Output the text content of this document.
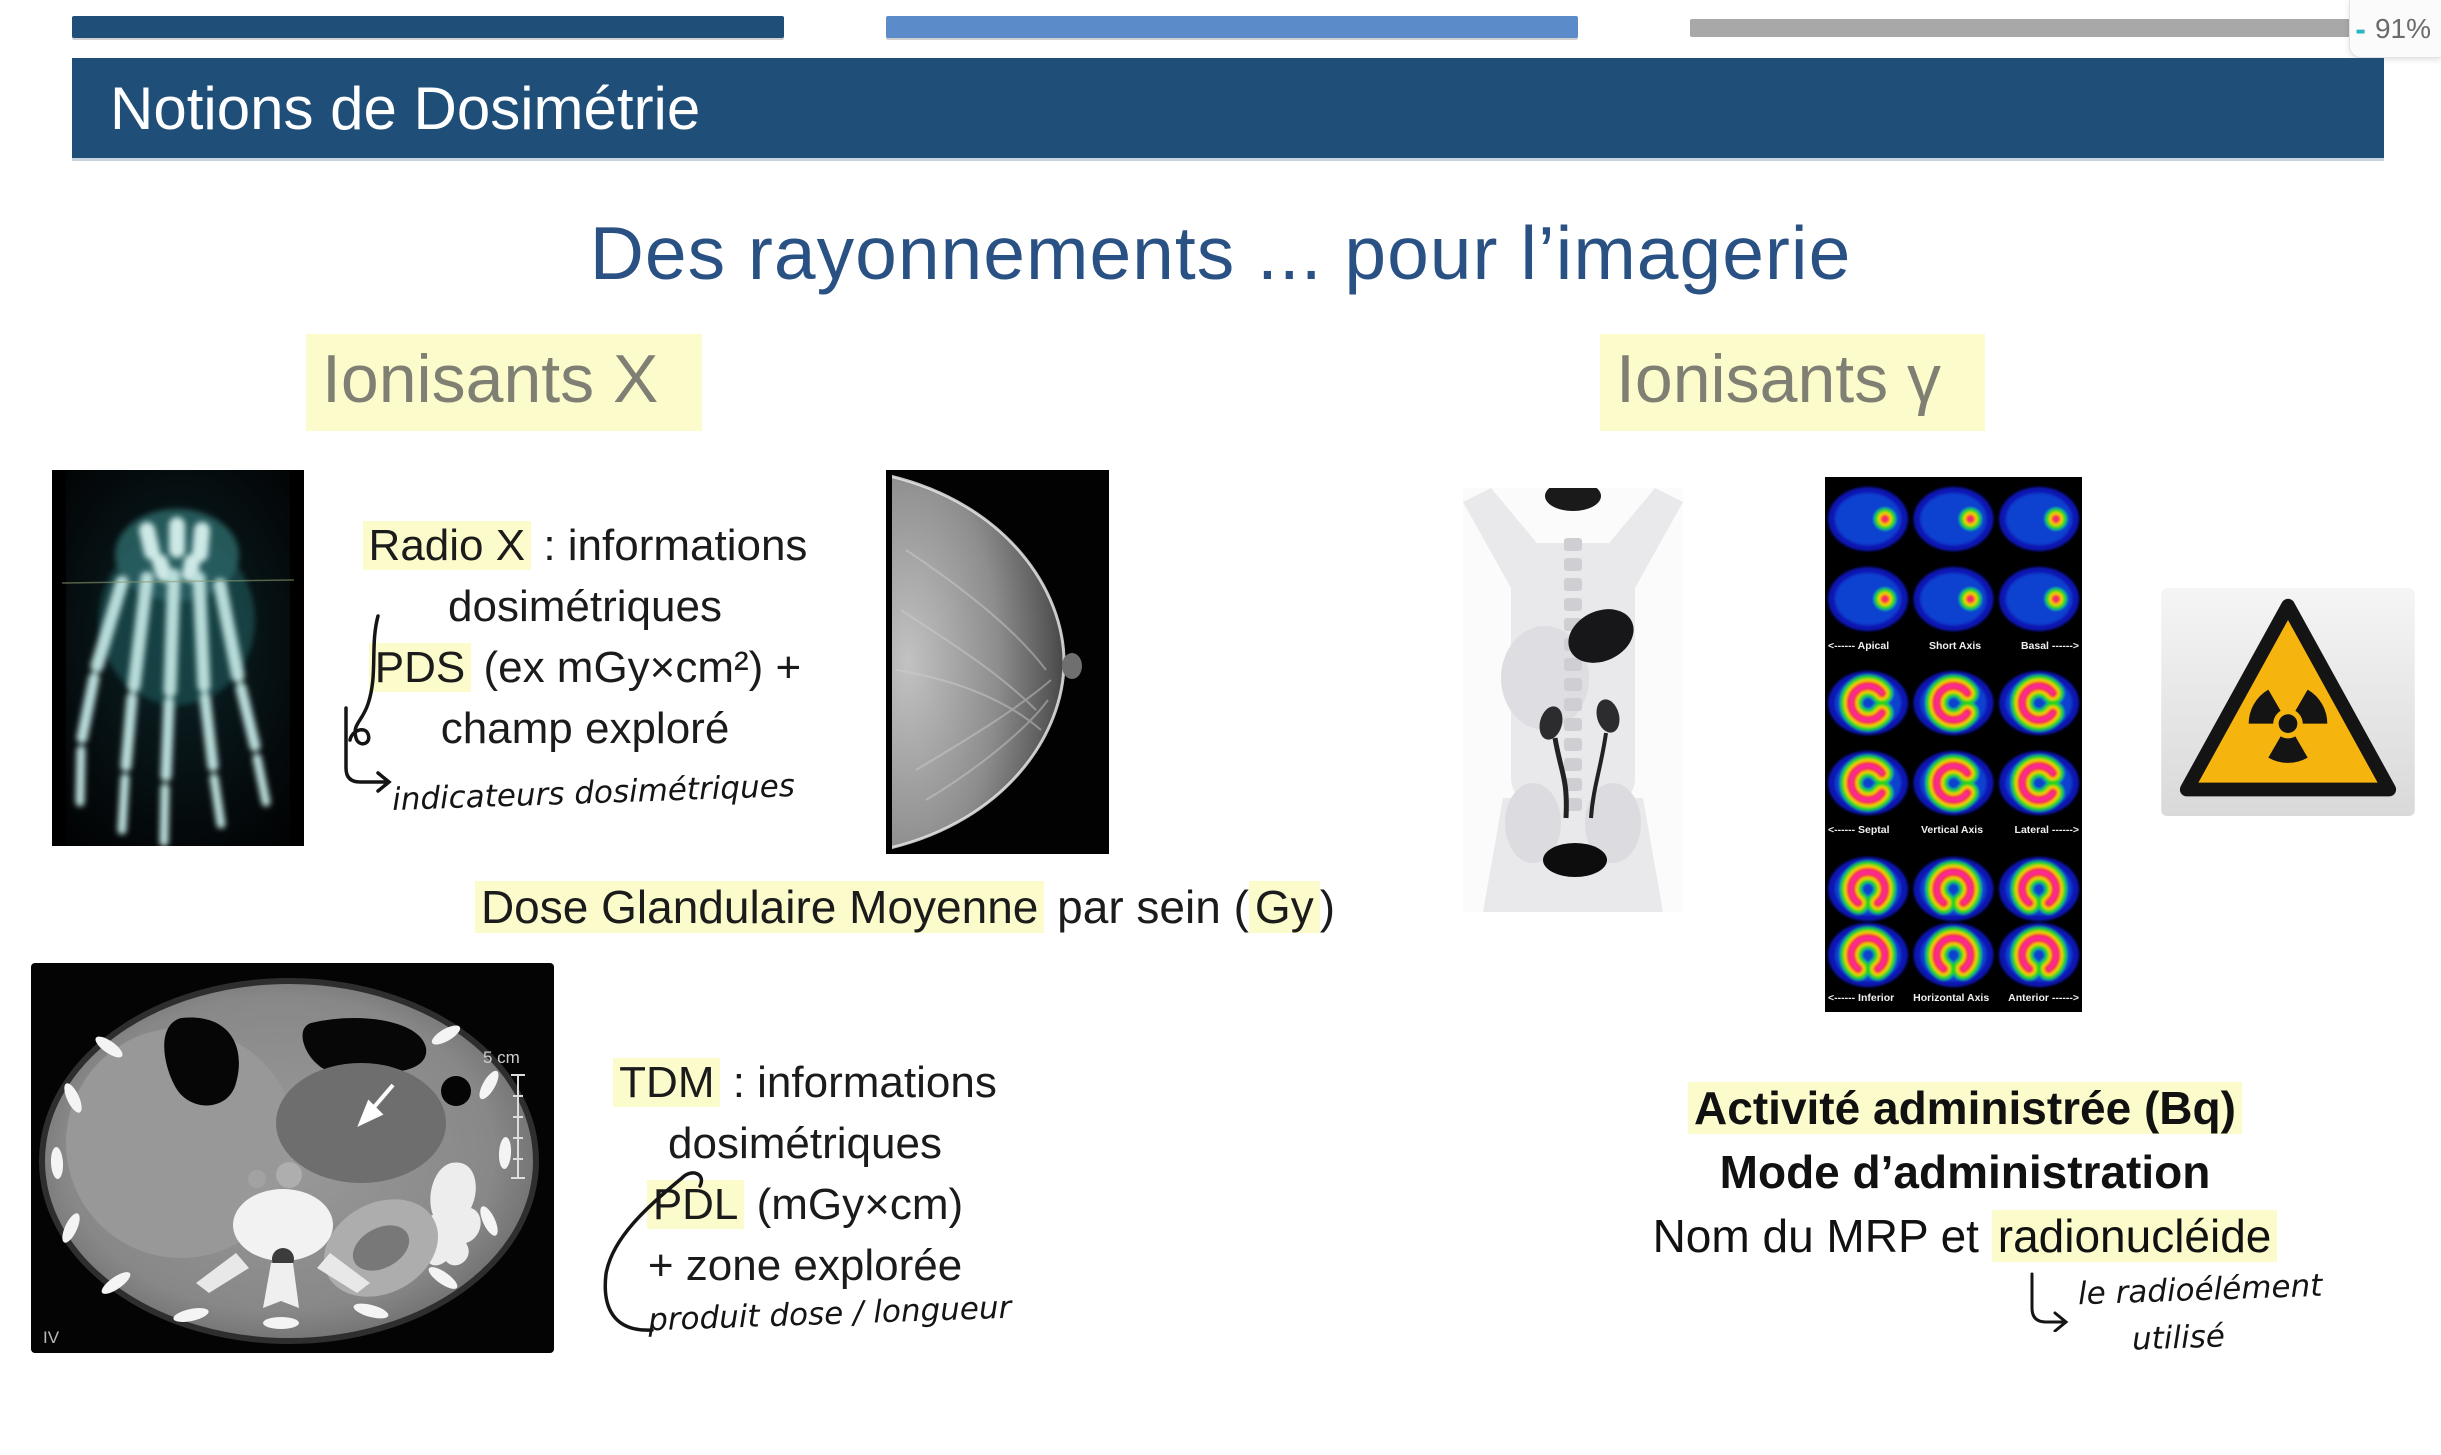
- 91%
Notions de Dosimétrie
Des rayonnements ... pour l’imagerie
Ionisants X	Ionisants γ
Radio X : informations
dosimétriques
PDS (ex mGy×cm²) +
champ exploré
indicateurs dosimétriques
Dose Glandulaire Moyenne par sein ( Gy )
5 cm
IV
TDM : informations
dosimétriques
PDL (mGy×cm)
+ zone explorée
produit dose / longueur
<------ Apical	Short Axis	Basal ------>
<------ Septal	Vertical Axis	Lateral ------>
<------ Inferior Horizontal Axis Anterior ------>
Activité administrée (Bq)
Mode d’administration
Nom du MRP et radionucléide
le radioélément
utilisé
